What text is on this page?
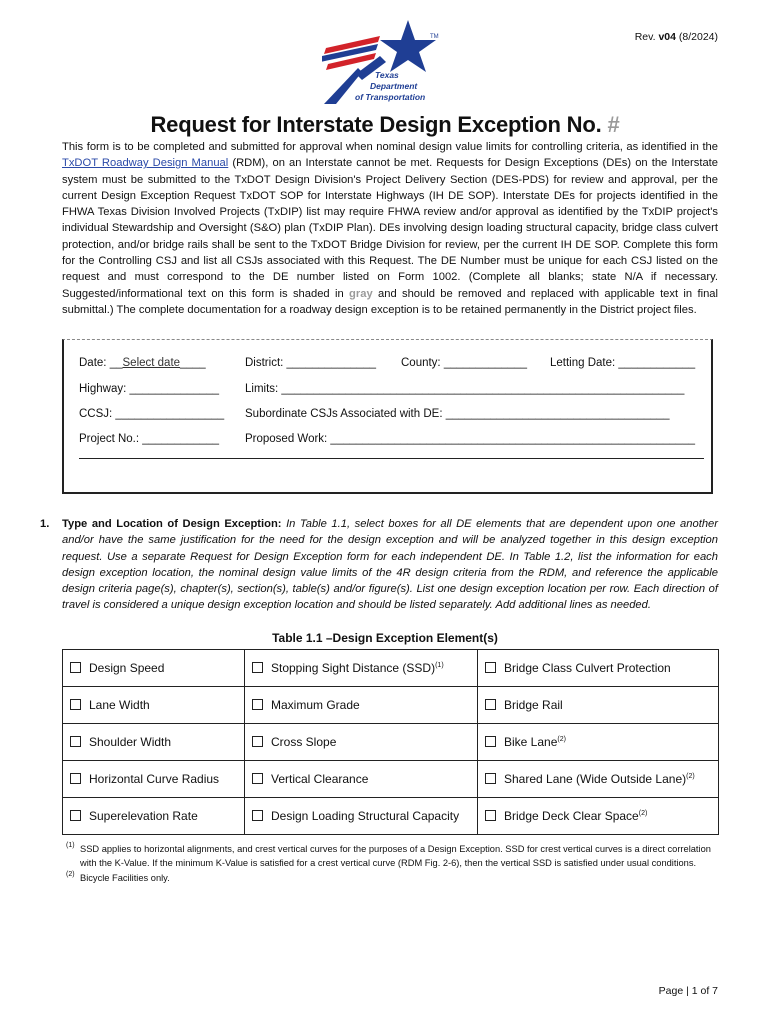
Rev. v04 (8/2024)
TM
Texas
Department
of Transportation
Request for Interstate Design Exception No. #
This form is to be completed and submitted for approval when nominal design value limits for controlling criteria, as identified in the TxDOT Roadway Design Manual (RDM), on an Interstate cannot be met. Requests for Design Exceptions (DEs) on the Interstate system must be submitted to the TxDOT Design Division's Project Delivery Section (DES-PDS) for review and approval, per the current Design Exception Request TxDOT SOP for Interstate Highways (IH DE SOP). Interstate DEs for projects identified in the FHWA Texas Division Involved Projects (TxDIP) list may require FHWA review and/or approval as identified by the TxDIP project's individual Stewardship and Oversight (S&O) plan (TxDIP Plan). DEs involving design loading structural capacity, bridge class culvert protection, and/or bridge rails shall be sent to the TxDOT Bridge Division for review, per the current IH DE SOP. Complete this form for the Controlling CSJ and list all CSJs associated with this Request. The DE Number must be unique for each CSJ listed on the request and must correspond to the DE number listed on Form 1002. (Complete all blanks; state N/A if necessary. Suggested/informational text on this form is shaded in gray and should be removed and replaced with applicable text in final submittal.) The complete documentation for a roadway design exception is to be retained permanently in the District project files.
Date: __Select date____	District: ______________ County: _____________ Letting Date: ____________
Highway: ______________ Limits: _______________________________________________________________
CCSJ: _________________ Subordinate CSJs Associated with DE: ___________________________________
Project No.: ____________ Proposed Work: _________________________________________________________
1. Type and Location of Design Exception: In Table 1.1, select boxes for all DE elements that are dependent upon one another and/or have the same justification for the need for the design exception and will be analyzed together in this design exception request. Use a separate Request for Design Exception form for each independent DE. In Table 1.2, list the information for each design exception location, the nominal design value limits of the 4R design criteria from the RDM, and reference the applicable design criteria page(s), chapter(s), section(s), table(s) and/or figure(s). List one design exception location per row. Each direction of travel is considered a unique design exception location and should be listed separately. Add additional lines as needed.
Table 1.1 –Design Exception Element(s)
Design Speed	Stopping Sight Distance (SSD)$^{(1)}$	Bridge Class Culvert Protection
Lane Width	Maximum Grade	Bridge Rail
Shoulder Width	Cross Slope	Bike Lane$^{(2)}$
Horizontal Curve Radius	Vertical Clearance	Shared Lane (Wide Outside Lane)$^{(2)}$
Superelevation Rate	Design Loading Structural Capacity	Bridge Deck Clear Space$^{(2)}$
(1) SSD applies to horizontal alignments, and crest vertical curves for the purposes of a Design Exception. SSD for crest vertical curves is a direct correlation with the K-Value. If the minimum K-Value is satisfied for a crest vertical curve (RDM Fig. 2-6), then the vertical SSD is satisfied under usual conditions.
(2) Bicycle Facilities only.
Page | 1 of 7
